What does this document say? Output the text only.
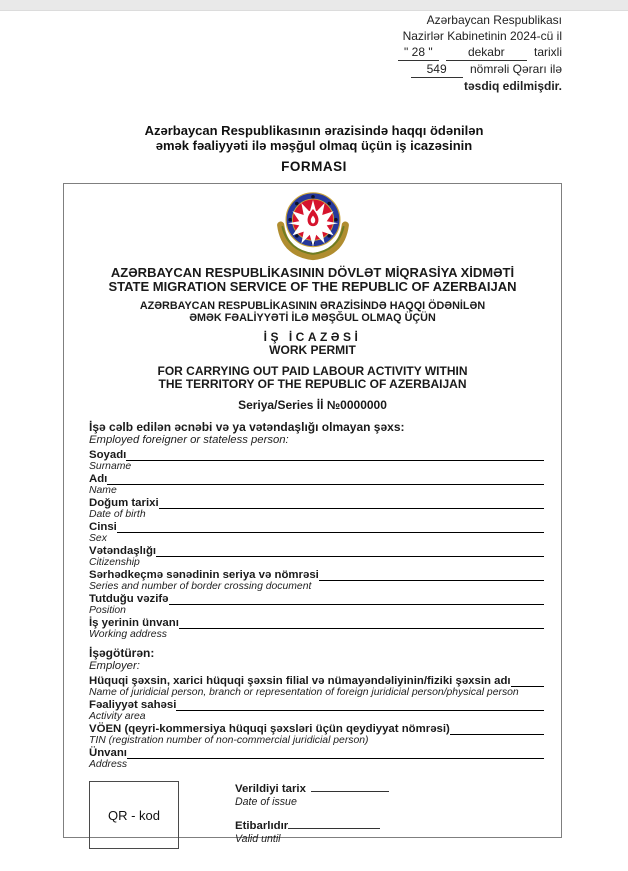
Azərbaycan Respublikası
Nazirlər Kabinetinin 2024-cü il
" 28 "	dekabr tarixli
549 nömrəli Qərarı ilə
təsdiq edilmişdir.
Azərbaycan Respublikasının ərazisində haqqı ödənilən
əmək fəaliyyəti ilə məşğul olmaq üçün iş icazəsinin
FORMASI
AZƏRBAYCAN RESPUBLİKASININ DÖVLƏT MİQRASİYA XİDMƏTİ
STATE MIGRATION SERVICE OF THE REPUBLIC OF AZERBAIJAN
AZƏRBAYCAN RESPUBLİKASININ ƏRAZİSİNDƏ HAQQI ÖDƏNİLƏN
ƏMƏK FƏALİYYƏTİ İLƏ MƏŞĞUL OLMAQ ÜÇÜN
İŞ İCAZƏSİ
WORK PERMIT
FOR CARRYING OUT PAID LABOUR ACTIVITY WITHIN
THE TERRITORY OF THE REPUBLIC OF AZERBAIJAN
Seriya/Series İİ №0000000
İşə cəlb edilən əcnəbi və ya vətəndaşlığı olmayan şəxs:
Employed foreigner or stateless person:
Soyadı
Surname
Adı
Name
Doğum tarixi
Date of birth
Cinsi
Sex
Vətəndaşlığı
Citizenship
Sərhədkeçmə sənədinin seriya və nömrəsi
Series and number of border crossing document
Tutduğu vəzifə
Position
İş yerinin ünvanı
Working address
İşəgötürən:
Employer:
Hüquqi şəxsin, xarici hüquqi şəxsin filial və nümayəndəliyinin/fiziki şəxsin adı
Name of juridicial person, branch or representation of foreign juridicial person/physical person
Fəaliyyət sahəsi
Activity area
VÖEN (qeyri-kommersiya hüquqi şəxsləri üçün qeydiyyat nömrəsi)
TIN (registration number of non-commercial juridicial person)
Ünvanı
Address
QR - kod
Verildiyi tarix
Date of issue
Etibarlıdır
Valid until
